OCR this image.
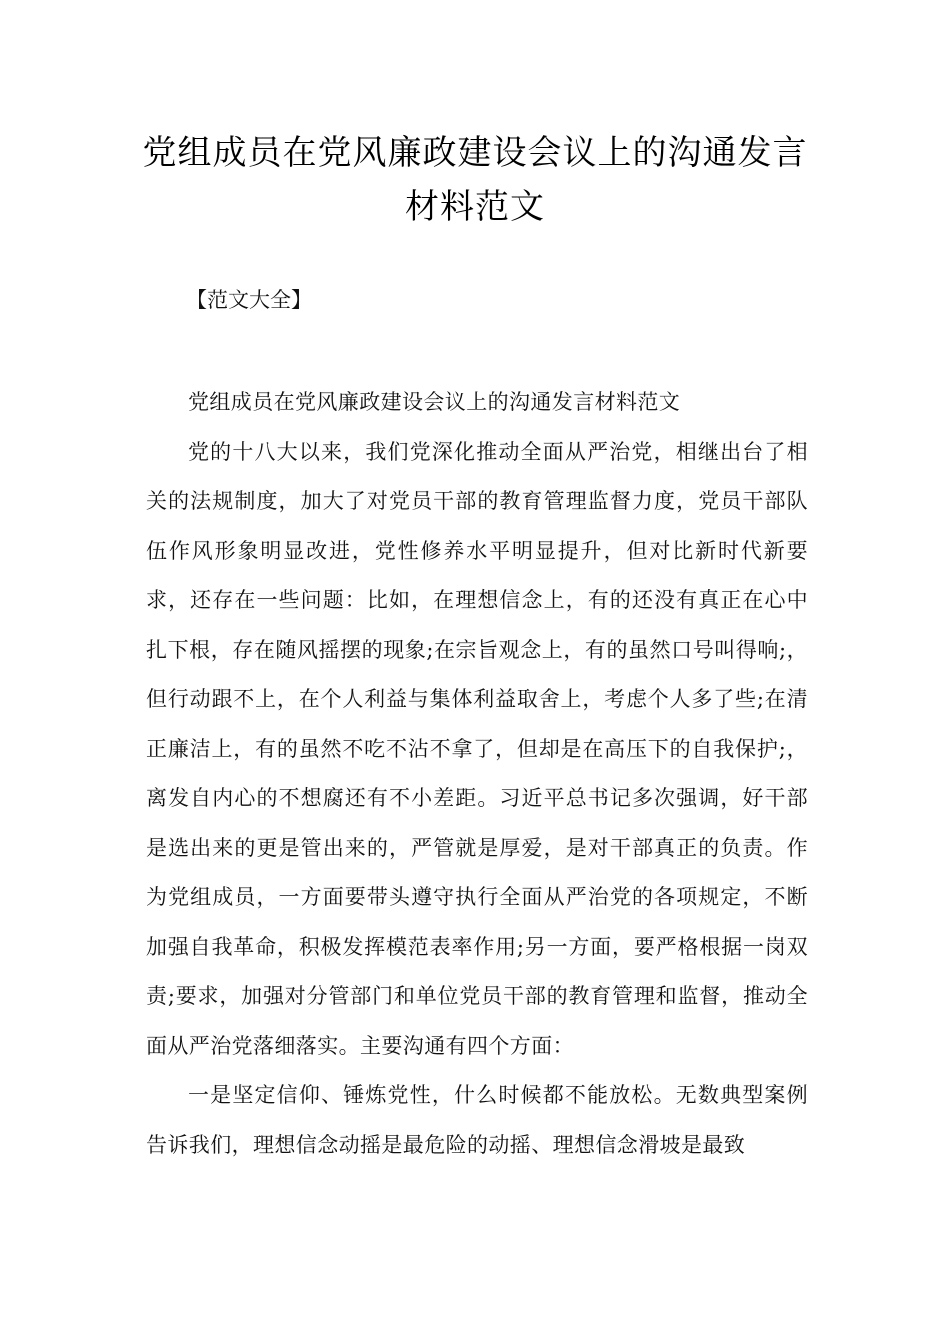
党组成员在党风廉政建设会议上的沟通发言材料范文
【范文大全】

党组成员在党风廉政建设会议上的沟通发言材料范文

党的十八大以来，我们党深化推动全面从严治党，相继出台了相关的法规制度，加大了对党员干部的教育管理监督力度，党员干部队伍作风形象明显改进，党性修养水平明显提升，但对比新时代新要求，还存在一些问题：比如，在理想信念上，有的还没有真正在心中扎下根，存在随风摇摆的现象;在宗旨观念上，有的虽然口号叫得响;，但行动跟不上，在个人利益与集体利益取舍上，考虑个人多了些;在清正廉洁上，有的虽然不吃不沾不拿了，但却是在高压下的自我保护;，离发自内心的不想腐还有不小差距。习近平总书记多次强调，好干部是选出来的更是管出来的，严管就是厚爱，是对干部真正的负责。作为党组成员，一方面要带头遵守执行全面从严治党的各项规定，不断加强自我革命，积极发挥模范表率作用;另一方面，要严格根据一岗双责;要求，加强对分管部门和单位党员干部的教育管理和监督，推动全面从严治党落细落实。主要沟通有四个方面：

一是坚定信仰、锤炼党性，什么时候都不能放松。无数典型案例告诉我们，理想信念动摇是最危险的动摇、理想信念滑坡是最致
